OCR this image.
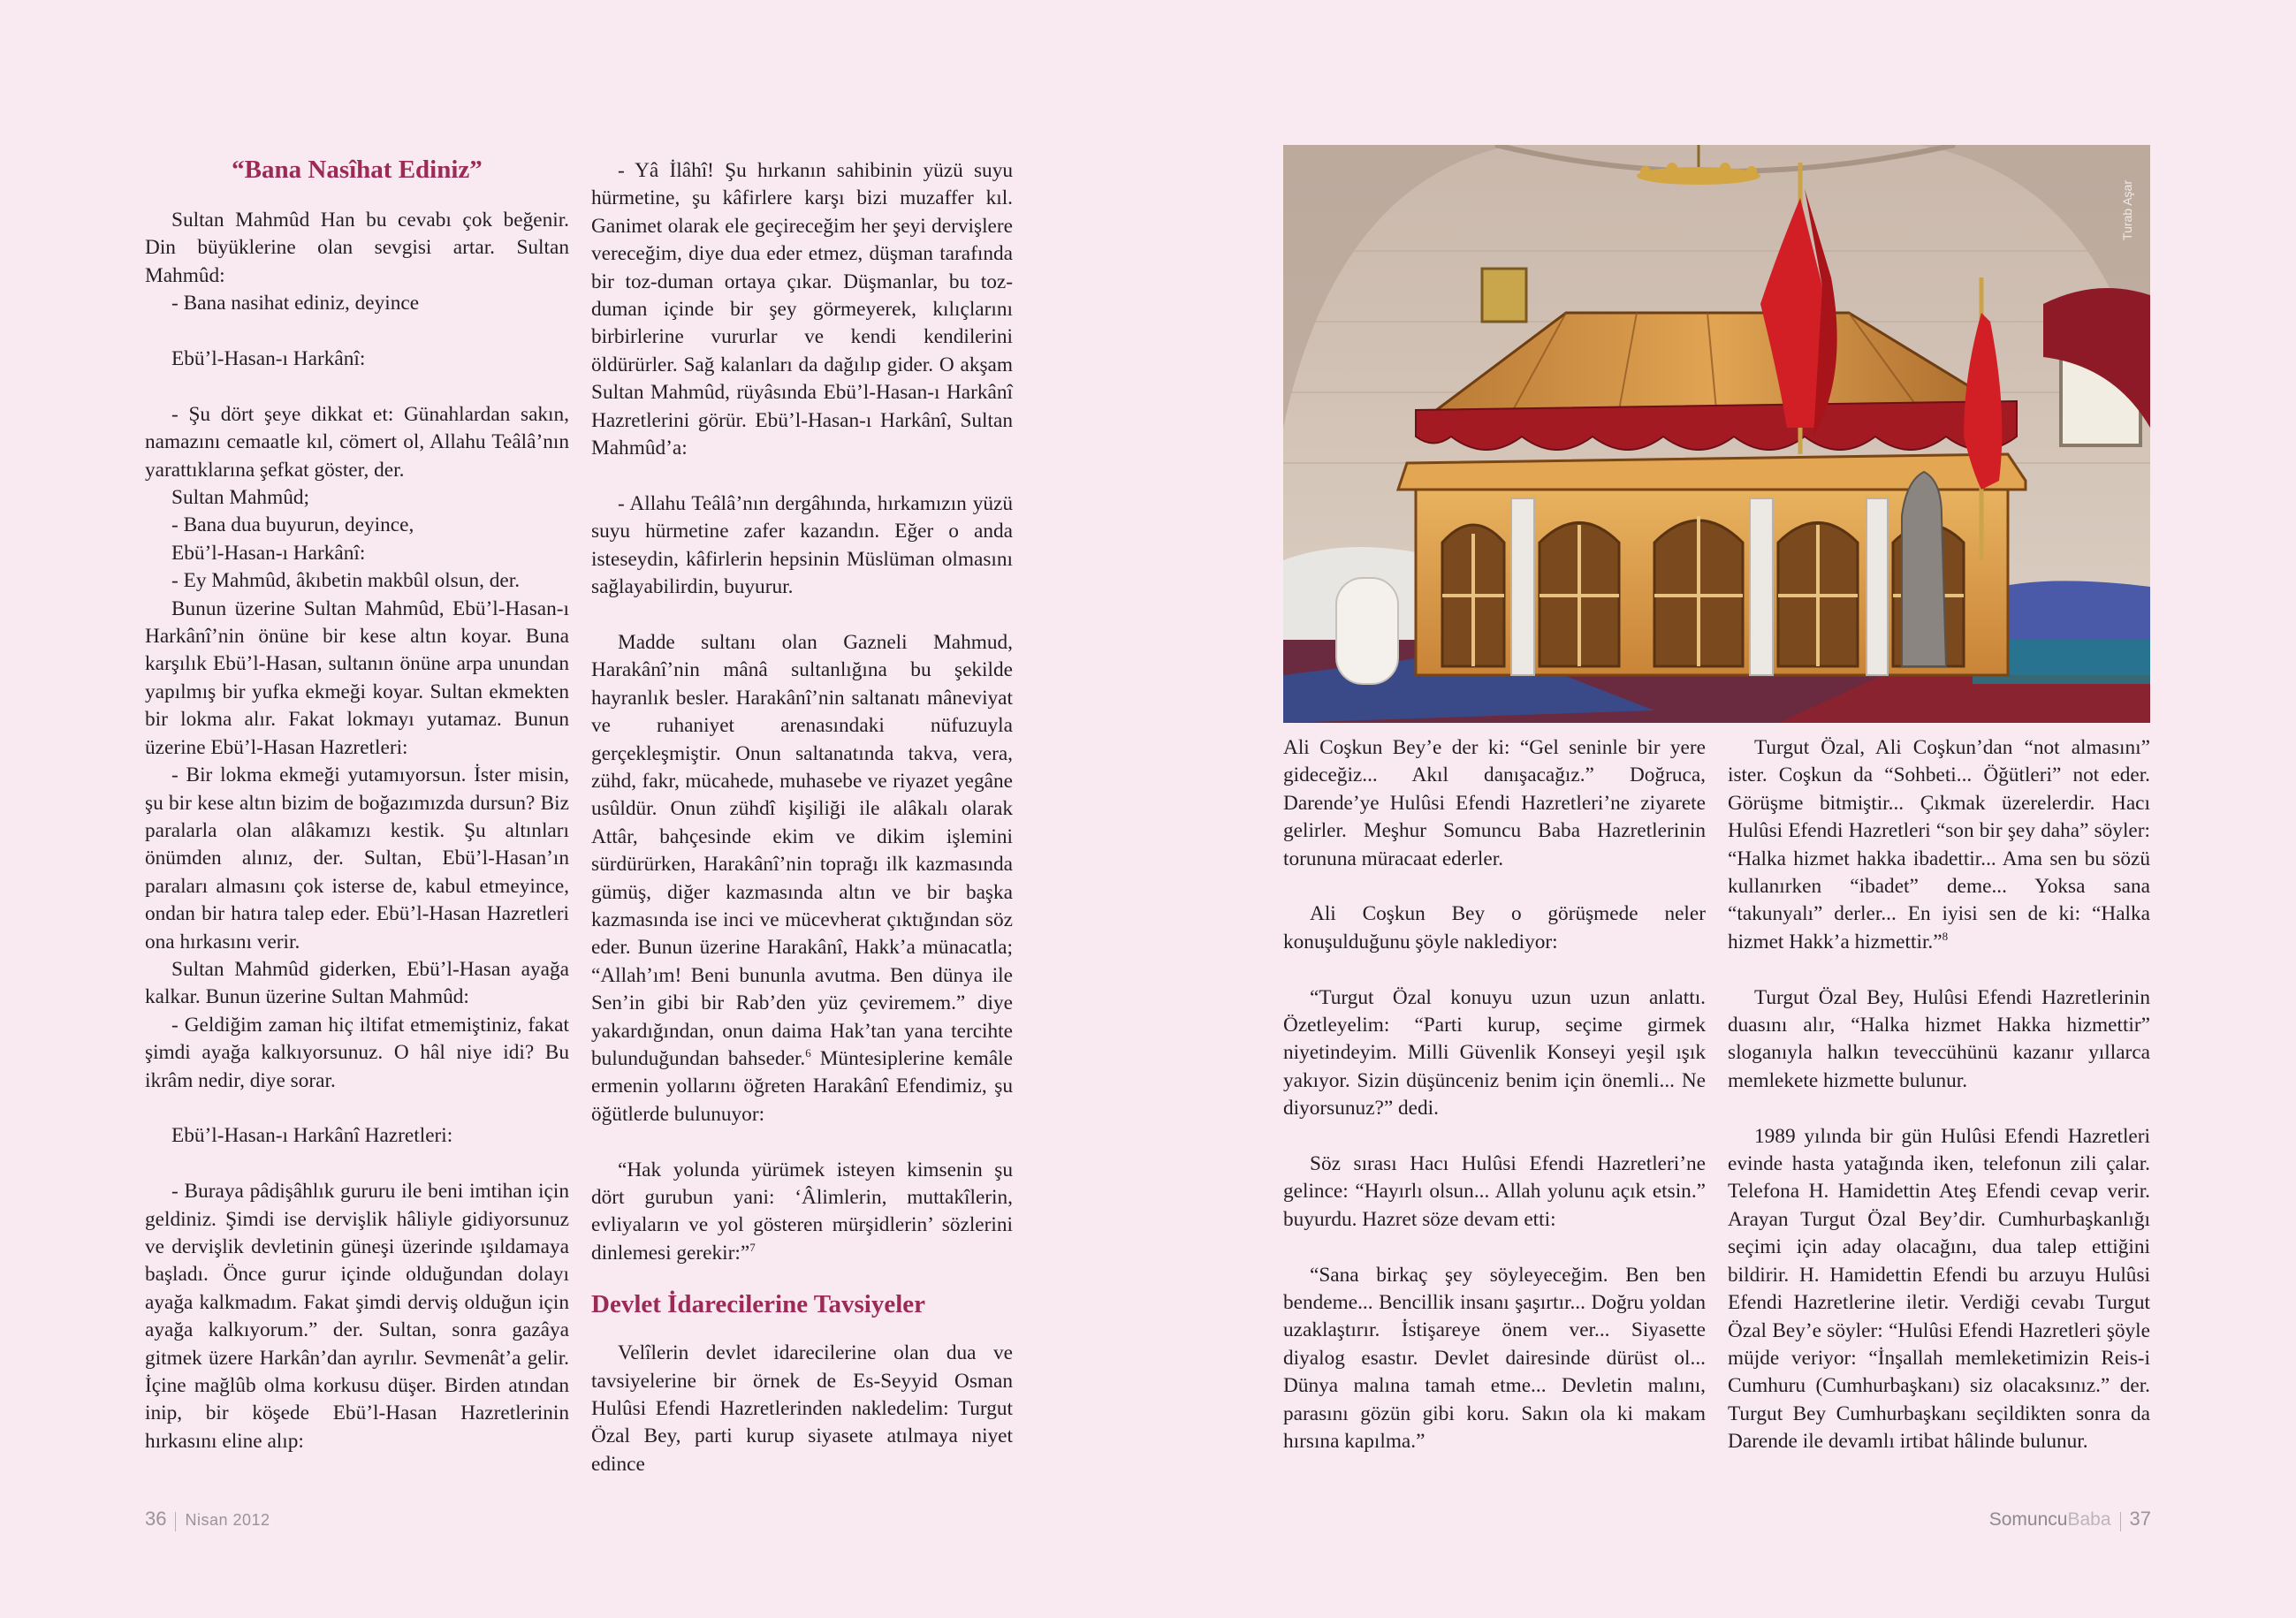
“Bana Nasîhat Ediniz”

Sultan Mahmûd Han bu cevabı çok beğenir. Din büyüklerine olan sevgisi artar. Sultan Mahmûd:

- Bana nasihat ediniz, deyince

Ebü’l-Hasan-ı Harkânî:

- Şu dört şeye dikkat et: Günahlardan sakın, namazını cemaatle kıl, cömert ol, Allahu Teâlâ’nın yarattıklarına şefkat göster, der.

Sultan Mahmûd;

- Bana dua buyurun, deyince,

Ebü’l-Hasan-ı Harkânî:

- Ey Mahmûd, âkıbetin makbûl olsun, der.

Bunun üzerine Sultan Mahmûd, Ebü’l-Hasan-ı Harkânî’nin önüne bir kese altın koyar. Buna karşılık Ebü’l-Hasan, sultanın önüne arpa unundan yapılmış bir yufka ekmeği koyar. Sultan ekmekten bir lokma alır. Fakat lokmayı yutamaz. Bunun üzerine Ebü’l-Hasan Hazretleri:

- Bir lokma ekmeği yutamıyorsun. İster misin, şu bir kese altın bizim de boğazımızda dursun? Biz paralarla olan alâkamızı kestik. Şu altınları önümden alınız, der. Sultan, Ebü’l-Hasan’ın paraları almasını çok isterse de, kabul etmeyince, ondan bir hatıra talep eder. Ebü’l-Hasan Hazretleri ona hırkasını verir.

Sultan Mahmûd giderken, Ebü’l-Hasan ayağa kalkar. Bunun üzerine Sultan Mahmûd:

- Geldiğim zaman hiç iltifat etmemiştiniz, fakat şimdi ayağa kalkıyorsunuz. O hâl niye idi? Bu ikrâm nedir, diye sorar.

Ebü’l-Hasan-ı Harkânî Hazretleri:

- Buraya pâdişâhlık gururu ile beni imtihan için geldiniz. Şimdi ise dervişlik hâliyle gidiyorsunuz ve dervişlik devletinin güneşi üzerinde ışıldamaya başladı. Önce gurur içinde olduğundan dolayı ayağa kalkmadım. Fakat şimdi derviş olduğun için ayağa kalkıyorum.” der. Sultan, sonra gazâya gitmek üzere Harkân’dan ayrılır. Sevmenât’a gelir. İçine mağlûb olma korkusu düşer. Birden atından inip, bir köşede Ebü’l-Hasan Hazretlerinin hırkasını eline alıp:

- Yâ İlâhî! Şu hırkanın sahibinin yüzü suyu hürmetine, şu kâfirlere karşı bizi muzaffer kıl. Ganimet olarak ele geçireceğim her şeyi dervişlere vereceğim, diye dua eder etmez, düşman tarafında bir toz-duman ortaya çıkar. Düşmanlar, bu toz-duman içinde bir şey görmeyerek, kılıçlarını birbirlerine vururlar ve kendi kendilerini öldürürler. Sağ kalanları da dağılıp gider. O akşam Sultan Mahmûd, rüyâsında Ebü’l-Hasan-ı Harkânî Hazretlerini görür. Ebü’l-Hasan-ı Harkânî, Sultan Mahmûd’a:

- Allahu Teâlâ’nın dergâhında, hırkamızın yüzü suyu hürmetine zafer kazandın. Eğer o anda isteseydin, kâfirlerin hepsinin Müslüman olmasını sağlayabilirdin, buyurur.

Madde sultanı olan Gazneli Mahmud, Harakânî’nin mânâ sultanlığına bu şekilde hayranlık besler. Harakânî’nin saltanatı mâneviyat ve ruhaniyet arenasındaki nüfuzuyla gerçekleşmiştir. Onun saltanatında takva, vera, zühd, fakr, mücahede, muhasebe ve riyazet yegâne usûldür. Onun zühdî kişiliği ile alâkalı olarak Attâr, bahçesinde ekim ve dikim işlemini sürdürürken, Harakânî’nin toprağı ilk kazmasında gümüş, diğer kazmasında altın ve bir başka kazmasında ise inci ve mücevherat çıktığından söz eder. Bunun üzerine Harakânî, Hakk’a münacatla; “Allah’ım! Beni bununla avutma. Ben dünya ile Sen’in gibi bir Rab’den yüz çeviremem.” diye yakardığından, onun daima Hak’tan yana tercihte bulunduğundan bahseder.$^6$ Müntesiplerine kemâle ermenin yollarını öğreten Harakânî Efendimiz, şu öğütlerde bulunuyor:

“Hak yolunda yürümek isteyen kimsenin şu dört gurubun yani: ‘Âlimlerin, muttakîlerin, evliyaların ve yol gösteren mürşidlerin’ sözlerini dinlemesi gerekir:”$^7$

Devlet İdarecilerine Tavsiyeler

Velîlerin devlet idarecilerine olan dua ve tavsiyelerine bir örnek de Es-Seyyid Osman Hulûsi Efendi Hazretlerinden nakledelim: Turgut Özal Bey, parti kurup siyasete atılmaya niyet edince

36 Nisan 2012
Turab Aşar

Ali Coşkun Bey’e der ki: “Gel seninle bir yere gideceğiz... Akıl danışacağız.” Doğruca, Darende’ye Hulûsi Efendi Hazretleri’ne ziyarete gelirler. Meşhur Somuncu Baba Hazretlerinin torununa müracaat ederler.

Ali Coşkun Bey o görüşmede neler konuşulduğunu şöyle naklediyor:

“Turgut Özal konuyu uzun uzun anlattı. Özetleyelim: “Parti kurup, seçime girmek niyetindeyim. Milli Güvenlik Konseyi yeşil ışık yakıyor. Sizin düşünceniz benim için önemli... Ne diyorsunuz?” dedi.

Söz sırası Hacı Hulûsi Efendi Hazretleri’ne gelince: “Hayırlı olsun... Allah yolunu açık etsin.” buyurdu. Hazret söze devam etti:

“Sana birkaç şey söyleyeceğim. Ben ben bendeme... Bencillik insanı şaşırtır... Doğru yoldan uzaklaştırır. İstişareye önem ver... Siyasette diyalog esastır. Devlet dairesinde dürüst ol... Dünya malına tamah etme... Devletin malını, parasını gözün gibi koru. Sakın ola ki makam hırsına kapılma.”

Turgut Özal, Ali Coşkun’dan “not almasını” ister. Coşkun da “Sohbeti... Öğütleri” not eder. Görüşme bitmiştir... Çıkmak üzerelerdir. Hacı Hulûsi Efendi Hazretleri “son bir şey daha” söyler: “Halka hizmet hakka ibadettir... Ama sen bu sözü kullanırken “ibadet” deme... Yoksa sana “takunyalı” derler... En iyisi sen de ki: “Halka hizmet Hakk’a hizmettir.”$^8$

Turgut Özal Bey, Hulûsi Efendi Hazretlerinin duasını alır, “Halka hizmet Hakka hizmettir” sloganıyla halkın teveccühünü kazanır yıllarca memlekete hizmette bulunur.

1989 yılında bir gün Hulûsi Efendi Hazretleri evinde hasta yatağında iken, telefonun zili çalar. Telefona H. Hamidettin Ateş Efendi cevap verir. Arayan Turgut Özal Bey’dir. Cumhurbaşkanlığı seçimi için aday olacağını, dua talep ettiğini bildirir. H. Hamidettin Efendi bu arzuyu Hulûsi Efendi Hazretlerine iletir. Verdiği cevabı Turgut Özal Bey’e söyler: “Hulûsi Efendi Hazretleri şöyle müjde veriyor: “İnşallah memleketimizin Reis-i Cumhuru (Cumhurbaşkanı) siz olacaksınız.” der. Turgut Bey Cumhurbaşkanı seçildikten sonra da Darende ile devamlı irtibat hâlinde bulunur.

SomuncuBaba 37
